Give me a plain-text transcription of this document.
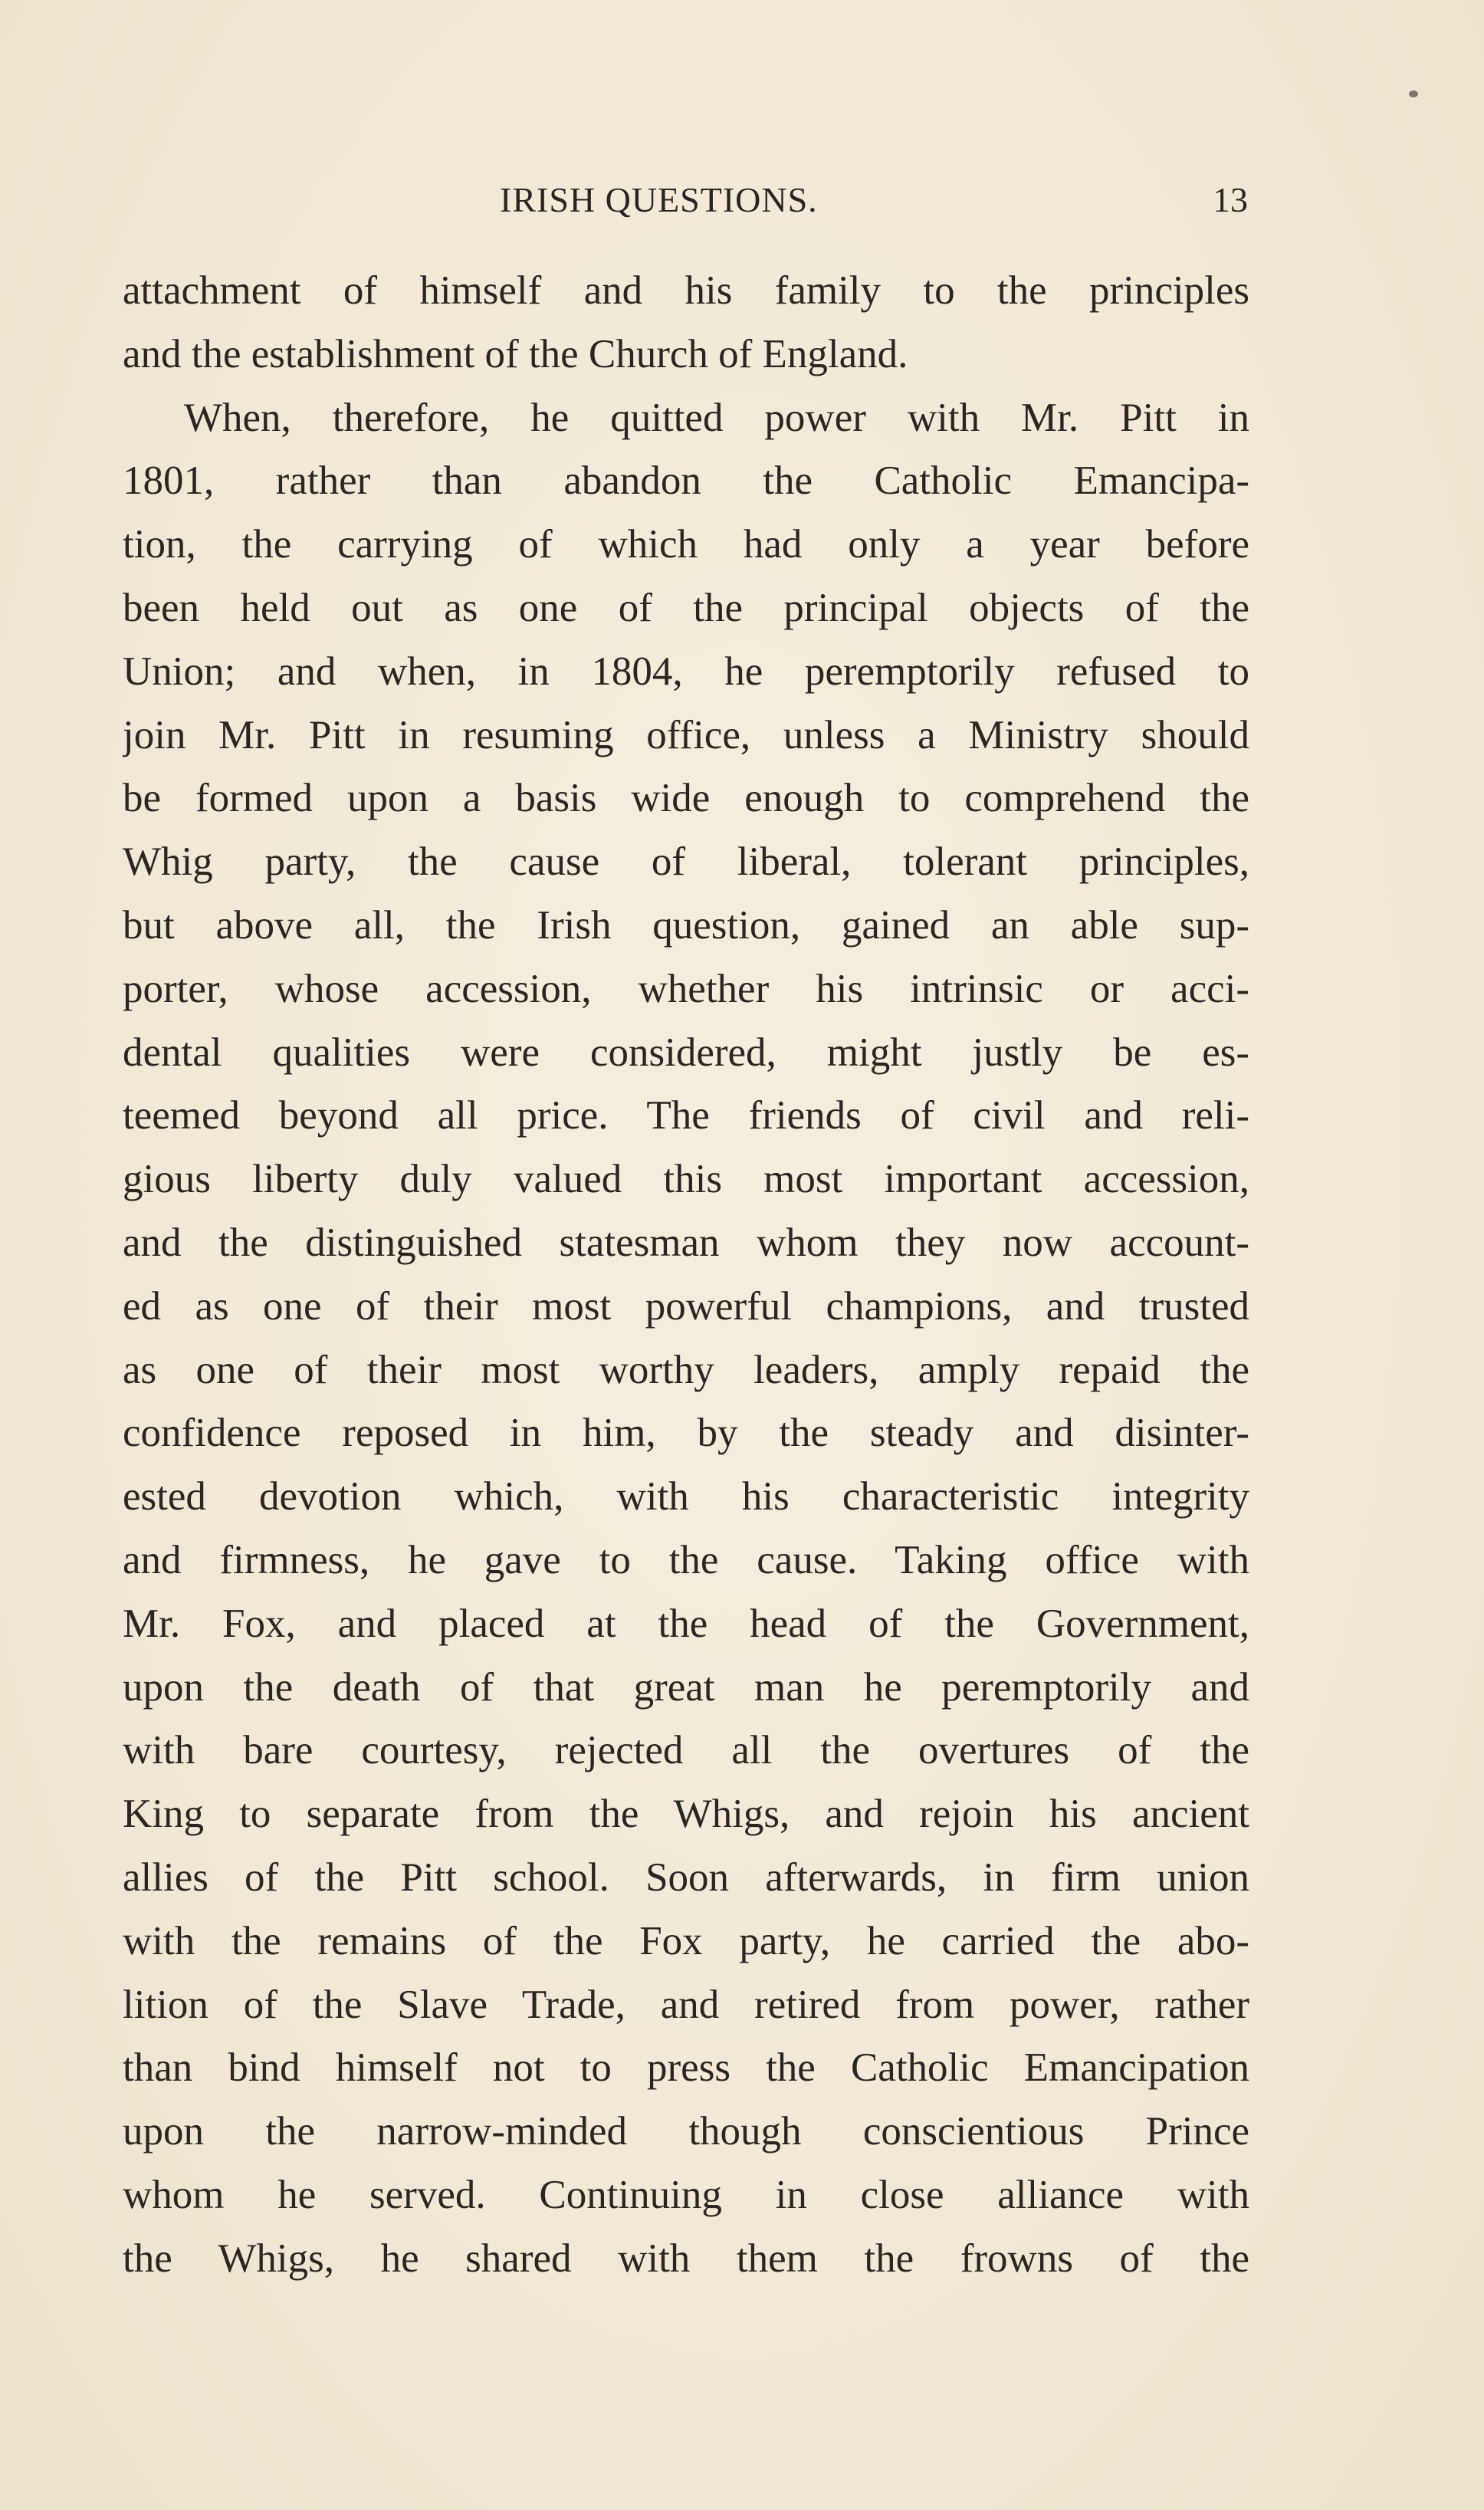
IRISH QUESTIONS.	13
attachment of himself and his family to the principles
and the establishment of the Church of England.
When, therefore, he quitted power with Mr. Pitt in
1801, rather than abandon the Catholic Emancipa-
tion, the carrying of which had only a year before
been held out as one of the principal objects of the
Union; and when, in 1804, he peremptorily refused to
join Mr. Pitt in resuming office, unless a Ministry should
be formed upon a basis wide enough to comprehend the
Whig party, the cause of liberal, tolerant principles,
but above all, the Irish question, gained an able sup-
porter, whose accession, whether his intrinsic or acci-
dental qualities were considered, might justly be es-
teemed beyond all price. The friends of civil and reli-
gious liberty duly valued this most important accession,
and the distinguished statesman whom they now account-
ed as one of their most powerful champions, and trusted
as one of their most worthy leaders, amply repaid the
confidence reposed in him, by the steady and disinter-
ested devotion which, with his characteristic integrity
and firmness, he gave to the cause. Taking office with
Mr. Fox, and placed at the head of the Government,
upon the death of that great man he peremptorily and
with bare courtesy, rejected all the overtures of the
King to separate from the Whigs, and rejoin his ancient
allies of the Pitt school. Soon afterwards, in firm union
with the remains of the Fox party, he carried the abo-
lition of the Slave Trade, and retired from power, rather
than bind himself not to press the Catholic Emancipation
upon the narrow-minded though conscientious Prince
whom he served. Continuing in close alliance with
the Whigs, he shared with them the frowns of the
